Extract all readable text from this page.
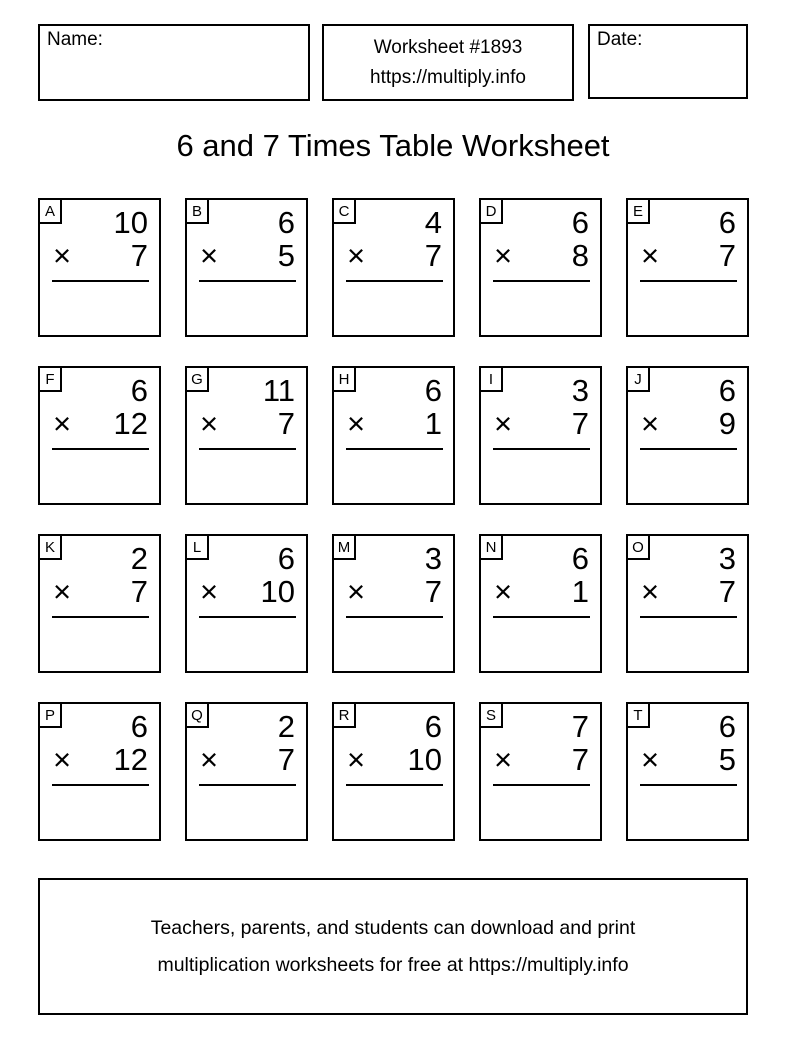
Name:	Worksheet #1893
https://multiply.info
Date:
6 and 7 Times Table Worksheet
A	10
× 7
B	6
× 5
C	4
× 7
D	6
× 8
E	6
× 7
F	6
× 12
G	11
× 7
H	6
× 1
I	3
× 7
J	6
× 9
K	2
× 7
L	6
× 10
M	3
× 7
N	6
× 1
O	3
× 7
P	6
× 12
Q	2
× 7
R	6
× 10
S	7
× 7
T	6
× 5
Teachers, parents, and students can download and print
multiplication worksheets for free at https://multiply.info
